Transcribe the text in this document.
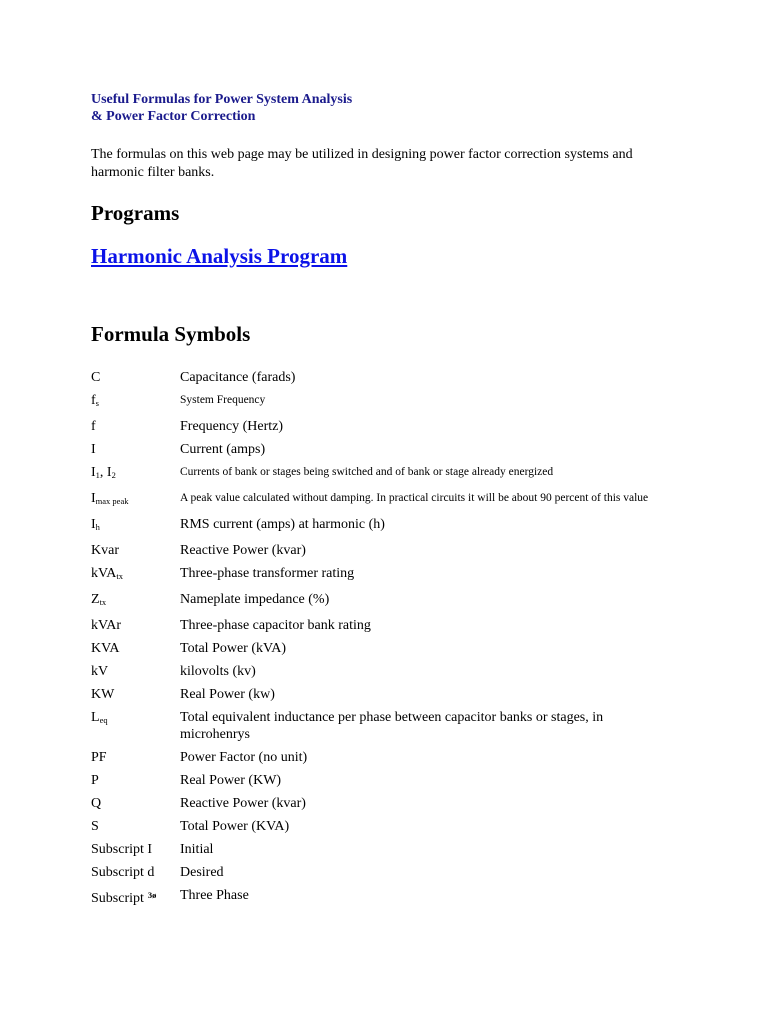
Useful Formulas for Power System Analysis
& Power Factor Correction
The formulas on this web page may be utilized in designing power factor correction systems and harmonic filter banks.
Programs
Harmonic Analysis Program
Formula Symbols
C	Capacitance (farads)
$f_s$	System Frequency
f	Frequency (Hertz)
I	Current (amps)
$I_1$, $I_2$	Currents of bank or stages being switched and of bank or stage already energized
$I_{max peak}$	A peak value calculated without damping. In practical circuits it will be about 90 percent of this value
$I_h$	RMS current (amps) at harmonic (h)
Kvar	Reactive Power (kvar)
kVA$_{tx}$	Three-phase transformer rating
$Z_{tx}$	Nameplate impedance (%)
kVAr	Three-phase capacitor bank rating
KVA	Total Power (kVA)
kV	kilovolts (kv)
KW	Real Power (kw)
$L_{eq}$	Total equivalent inductance per phase between capacitor banks or stages, in microhenrys
PF	Power Factor (no unit)
P	Real Power (KW)
Q	Reactive Power (kvar)
S	Total Power (KVA)
Subscript I	Initial
Subscript d	Desired
Subscript $^{3ø}$	Three Phase
